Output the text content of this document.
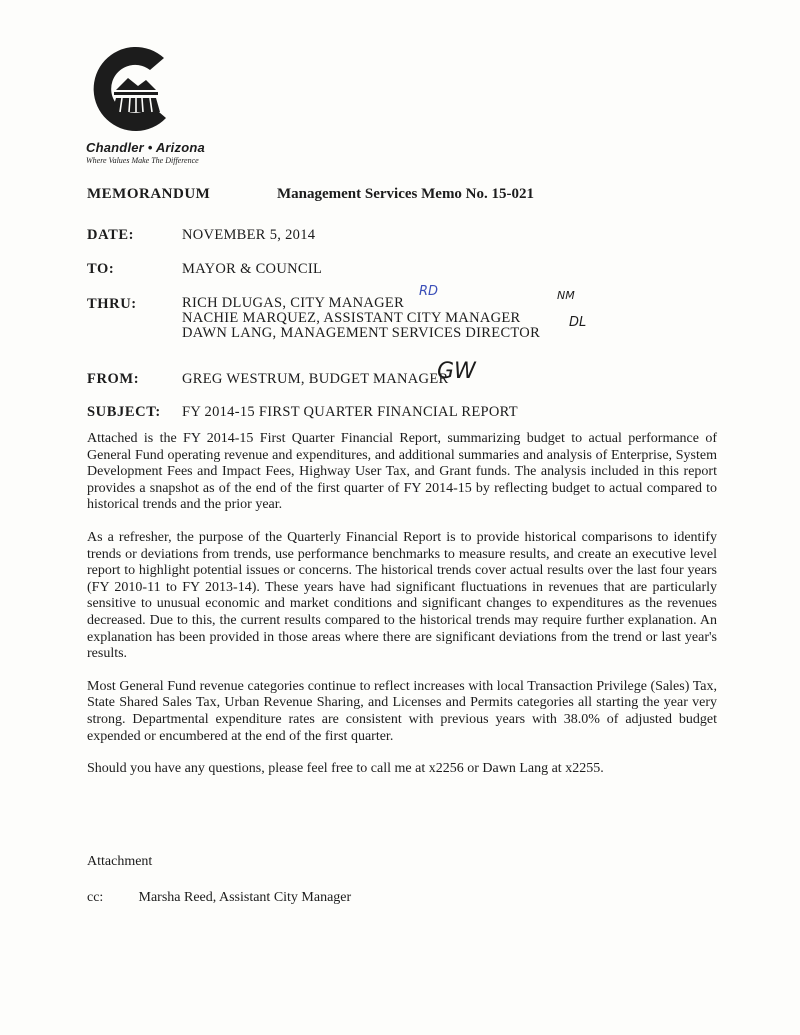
Chandler • Arizona
Where Values Make The Difference
MEMORANDUM	Management Services Memo No. 15-021
DATE:	NOVEMBER 5, 2014
TO:	MAYOR & COUNCIL
THRU:	RICH DLUGAS, CITY MANAGER
NACHIE MARQUEZ, ASSISTANT CITY MANAGER
DAWN LANG, MANAGEMENT SERVICES DIRECTOR
RD	NM
DL
FROM:	GREG WESTRUM, BUDGET MANAGER
GW
SUBJECT: FY 2014-15 FIRST QUARTER FINANCIAL REPORT

Attached is the FY 2014-15 First Quarter Financial Report, summarizing budget to actual performance of General Fund operating revenue and expenditures, and additional summaries and analysis of Enterprise, System Development Fees and Impact Fees, Highway User Tax, and Grant funds. The analysis included in this report provides a snapshot as of the end of the first quarter of FY 2014-15 by reflecting budget to actual compared to historical trends and the prior year.

As a refresher, the purpose of the Quarterly Financial Report is to provide historical comparisons to identify trends or deviations from trends, use performance benchmarks to measure results, and create an executive level report to highlight potential issues or concerns. The historical trends cover actual results over the last four years (FY 2010-11 to FY 2013-14). These years have had significant fluctuations in revenues that are particularly sensitive to unusual economic and market conditions and significant changes to expenditures as the revenues decreased. Due to this, the current results compared to the historical trends may require further explanation. An explanation has been provided in those areas where there are significant deviations from the trend or last year's results.

Most General Fund revenue categories continue to reflect increases with local Transaction Privilege (Sales) Tax, State Shared Sales Tax, Urban Revenue Sharing, and Licenses and Permits categories all starting the year very strong. Departmental expenditure rates are consistent with previous years with 38.0% of adjusted budget expended or encumbered at the end of the first quarter.

Should you have any questions, please feel free to call me at x2256 or Dawn Lang at x2255.

Attachment
cc:	Marsha Reed, Assistant City Manager
